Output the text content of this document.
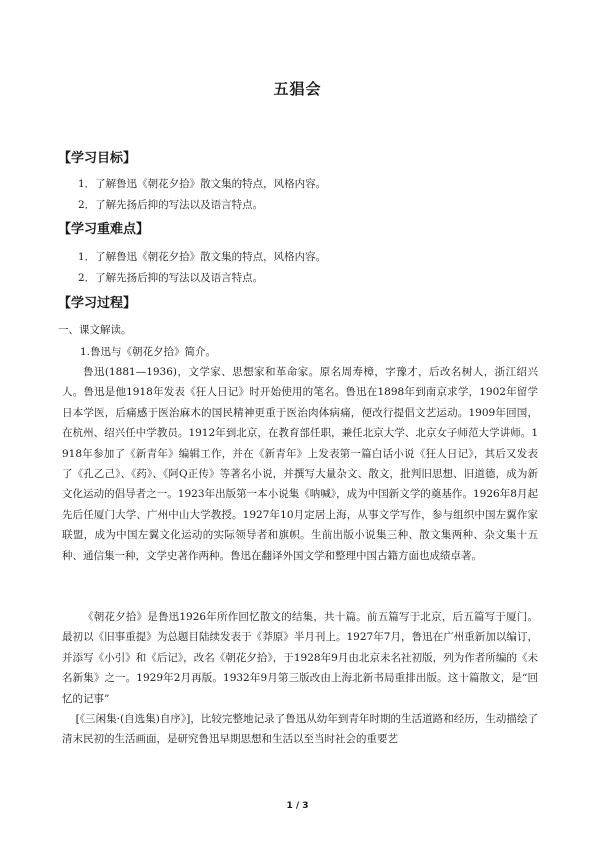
五猖会
【学习目标】

1．了解鲁迅《朝花夕拾》散文集的特点，风格内容。

2．了解先扬后抑的写法以及语言特点。

【学习重难点】

1．了解鲁迅《朝花夕拾》散文集的特点，风格内容。

2．了解先扬后抑的写法以及语言特点。

【学习过程】

一、课文解读。

1.鲁迅与《朝花夕拾》简介。

鲁迅(1881—1936)，文学家、思想家和革命家。原名周寿樟，字豫才，后改名树人，浙江绍兴人。鲁迅是他1918年发表《狂人日记》时开始使用的笔名。鲁迅在1898年到南京求学，1902年留学日本学医，后痛感于医治麻木的国民精神更重于医治肉体病痛，便改行提倡文艺运动。1909年回国，在杭州、绍兴任中学教员。1912年到北京，在教育部任职，兼任北京大学、北京女子师范大学讲师。1918年参加了《新青年》编辑工作，并在《新青年》上发表第一篇白话小说《狂人日记》，其后又发表了《孔乙己》、《药》、《阿Q正传》等著名小说，并撰写大量杂文、散文，批判旧思想、旧道德，成为新文化运动的倡导者之一。1923年出版第一本小说集《呐喊》，成为中国新文学的奠基作。1926年8月起先后任厦门大学、广州中山大学教授。1927年10月定居上海，从事文学写作，参与组织中国左翼作家联盟，成为中国左翼文化运动的实际领导者和旗帜。生前出版小说集三种、散文集两种、杂文集十五种、通信集一种，文学史著作两种。鲁迅在翻译外国文学和整理中国古籍方面也成绩卓著。

《朝花夕拾》是鲁迅1926年所作回忆散文的结集，共十篇。前五篇写于北京，后五篇写于厦门。最初以《旧事重提》为总题目陆续发表于《莽原》半月刊上。1927年7月，鲁迅在广州重新加以编订，并添写《小引》和《后记》，改名《朝花夕拾》，于1928年9月由北京未名社初版，列为作者所编的《未名新集》之一。1929年2月再版。1932年9月第三版改由上海北新书局重排出版。这十篇散文，是“回忆的记事”

[《三闲集·(自选集)自序》]，比较完整地记录了鲁迅从幼年到青年时期的生活道路和经历，生动描绘了清末民初的生活画面，是研究鲁迅早期思想和生活以至当时社会的重要艺

1 / 3
